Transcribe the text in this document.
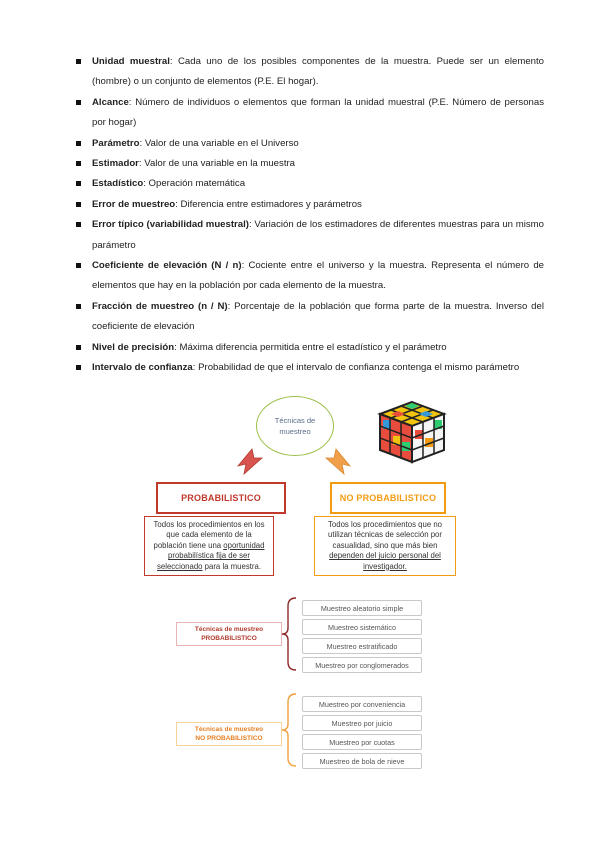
Unidad muestral: Cada uno de los posibles componentes de la muestra. Puede ser un elemento (hombre) o un conjunto de elementos (P.E. El hogar).
Alcance: Número de individuos o elementos que forman la unidad muestral (P.E. Número de personas por hogar)
Parámetro: Valor de una variable en el Universo
Estimador: Valor de una variable en la muestra
Estadístico: Operación matemática
Error de muestreo: Diferencia entre estimadores y parámetros
Error típico (variabilidad muestral): Variación de los estimadores de diferentes muestras para un mismo parámetro
Coeficiente de elevación (N / n): Cociente entre el universo y la muestra. Representa el número de elementos que hay en la población por cada elemento de la muestra.
Fracción de muestreo (n / N): Porcentaje de la población que forma parte de la muestra. Inverso del coeficiente de elevación
Nivel de precisión: Máxima diferencia permitida entre el estadístico y el parámetro
Intervalo de confianza: Probabilidad de que el intervalo de confianza contenga el mismo parámetro
Técnicas de muestreo
PROBABILISTICO	NO PROBABILISTICO
Todos los procedimientos en los que cada elemento de la población tiene una oportunidad probabilística fija de ser seleccionado para la muestra.
Todos los procedimientos que no utilizan técnicas de selección por casualidad, sino que más bien dependen del juicio personal del investigador.
Técnicas de muestreo
PROBABILISTICO
Muestreo aleatorio simple
Muestreo sistemático
Muestreo estratificado
Muestreo por conglomerados
Técnicas de muestreo
NO PROBABILISTICO
Muestreo por conveniencia
Muestreo por juicio
Muestreo por cuotas
Muestreo de bola de nieve
